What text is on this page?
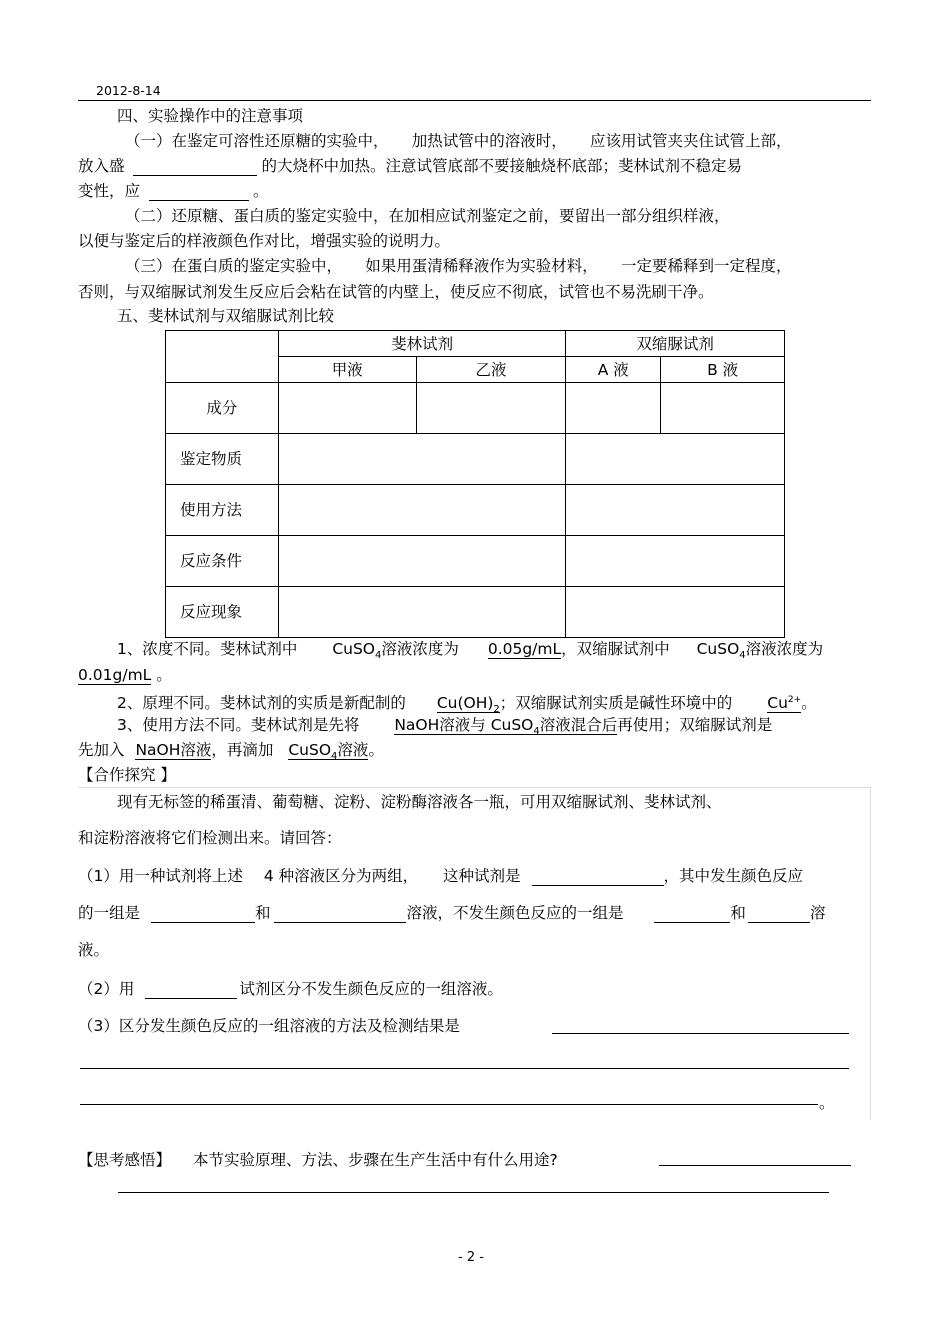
2012-8-14
四、实验操作中的注意事项
（一）在鉴定可溶性还原糖的实验中，　　加热试管中的溶液时，　　应该用试管夹夹住试管上部，
放入盛	的大烧杯中加热。注意试管底部不要接触烧杯底部；斐林试剂不稳定易
变性，应	。
（二）还原糖、蛋白质的鉴定实验中，在加相应试剂鉴定之前，要留出一部分组织样液，
以便与鉴定后的样液颜色作对比，增强实验的说明力。
（三）在蛋白质的鉴定实验中，　　如果用蛋清稀释液作为实验材料，　　一定要稀释到一定程度，
否则，与双缩脲试剂发生反应后会粘在试管的内壁上，使反应不彻底，试管也不易洗刷干净。
五、斐林试剂与双缩脲试剂比较
	斐林试剂		双缩脲试剂	
	甲液	乙液	A 液	B 液
成分				
鉴定物质				
使用方法				
反应条件				
反应现象				
1、浓度不同。斐林试剂中 CuSO$_4$溶液浓度为 0.05g/mL，双缩脲试剂中 CuSO$_4$溶液浓度为
0.01g/mL 。
2、原理不同。斐林试剂的实质是新配制的 $Cu(OH)_2$；双缩脲试剂实质是碱性环境中的 $Cu^{2+}$。
3、使用方法不同。斐林试剂是先将 NaOH溶液与 CuSO$_4$溶液混合后再使用；双缩脲试剂是
先加入 NaOH溶液，再滴加 CuSO$_4$溶液。
【合作探究 】
现有无标签的稀蛋清、葡萄糖、淀粉、淀粉酶溶液各一瓶，可用双缩脲试剂、斐林试剂、
和淀粉溶液将它们检测出来。请回答：
（1）用一种试剂将上述 4 种溶液区分为两组， 这种试剂是	，其中发生颜色反应
的一组是	和	溶液，不发生颜色反应的一组是	和	溶
液。
（2）用	试剂区分不发生颜色反应的一组溶液。
（3）区分发生颜色反应的一组溶液的方法及检测结果是
。
【思考感悟】 本节实验原理、方法、步骤在生产生活中有什么用途?
- 2 -
